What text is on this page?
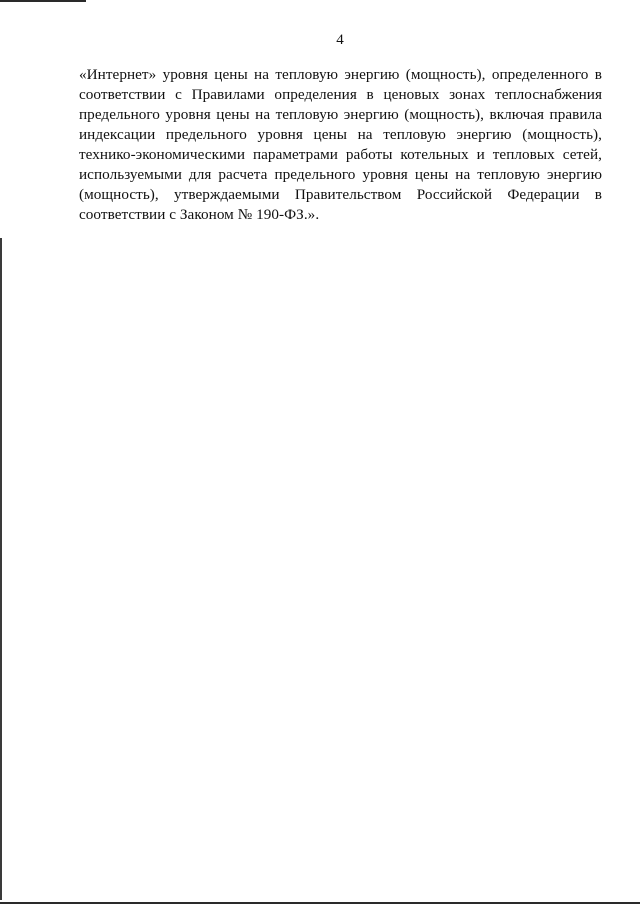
4

«Интернет» уровня цены на тепловую энергию (мощность), определенного в соответствии с Правилами определения в ценовых зонах теплоснабжения предельного уровня цены на тепловую энергию (мощность), включая правила индексации предельного уровня цены на тепловую энергию (мощность), технико-экономическими параметрами работы котельных и тепловых сетей, используемыми для расчета предельного уровня цены на тепловую энергию (мощность), утверждаемыми Правительством Российской Федерации в соответствии с Законом № 190-ФЗ.».
